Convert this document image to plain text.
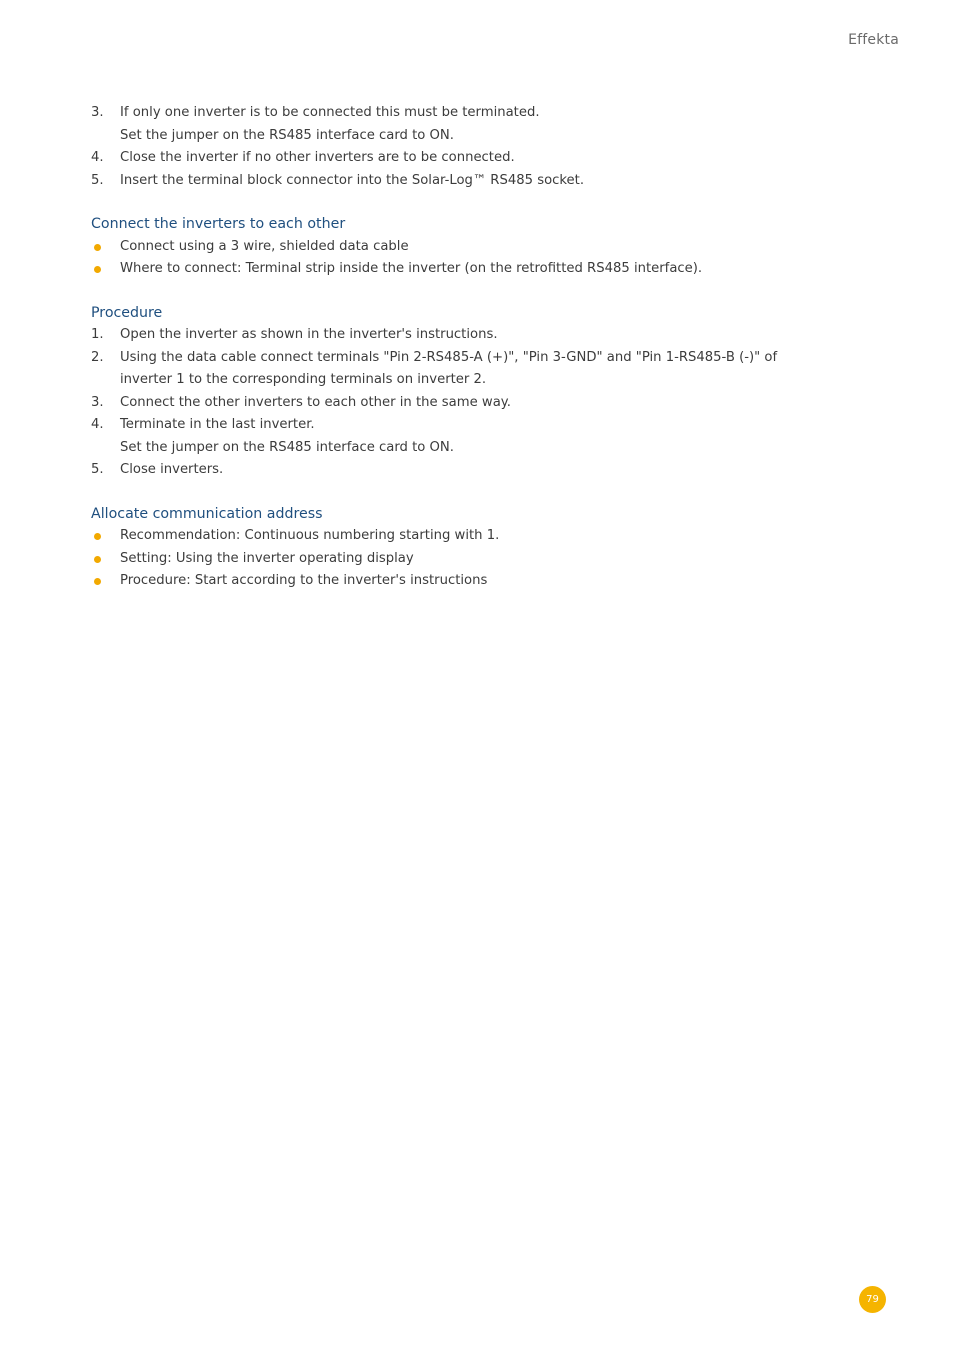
Effekta
3. If only one inverter is to be connected this must be terminated.
Set the jumper on the RS485 interface card to ON.
4. Close the inverter if no other inverters are to be connected.
5. Insert the terminal block connector into the Solar-Log™ RS485 socket.
Connect the inverters to each other
Connect using a 3 wire, shielded data cable
Where to connect: Terminal strip inside the inverter (on the retrofitted RS485 interface).
Procedure
1. Open the inverter as shown in the inverter's instructions.
2. Using the data cable connect terminals "Pin 2-RS485-A (+)", "Pin 3-GND" and "Pin 1-RS485-B (-)" of
inverter 1 to the corresponding terminals on inverter 2.
3. Connect the other inverters to each other in the same way.
4. Terminate in the last inverter.
Set the jumper on the RS485 interface card to ON.
5. Close inverters.
Allocate communication address
Recommendation: Continuous numbering starting with 1.
Setting: Using the inverter operating display
Procedure: Start according to the inverter's instructions
79
